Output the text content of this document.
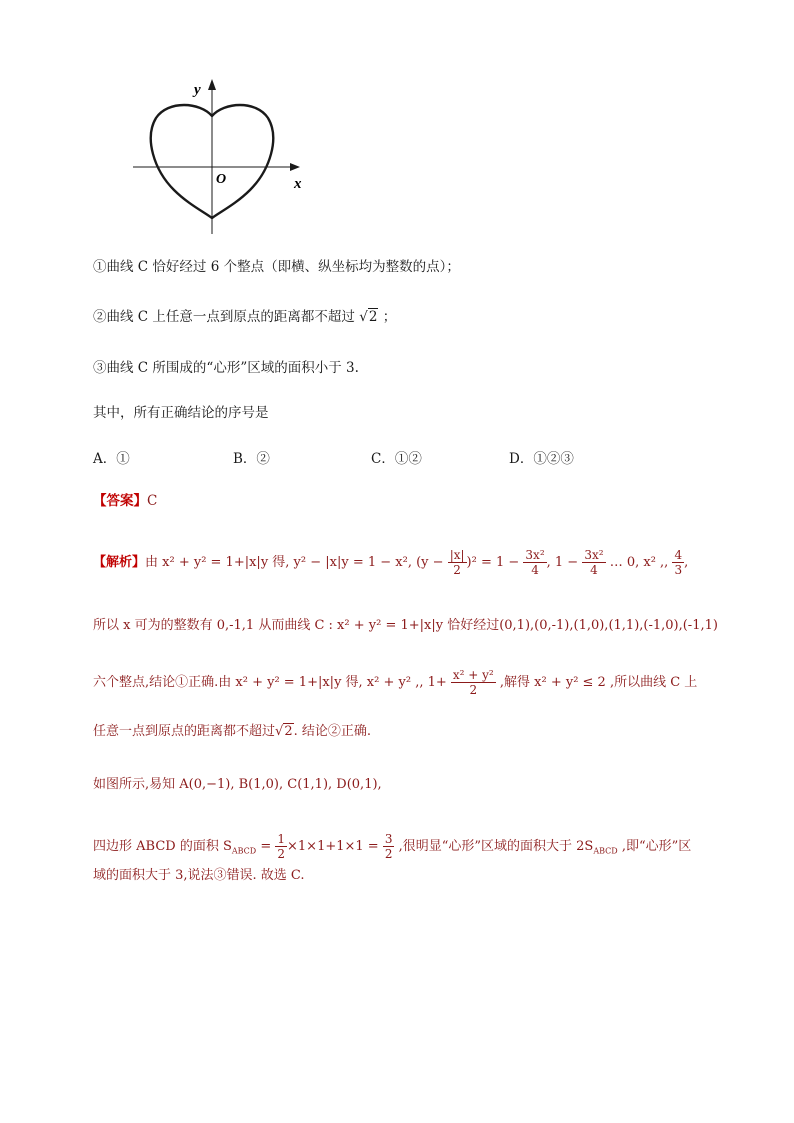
y
x
O
①曲线 C 恰好经过 6 个整点（即横、纵坐标均为整数的点）；
②曲线 C 上任意一点到原点的距离都不超过 √2 ；
③曲线 C 所围成的“心形”区域的面积小于 3.
其中，所有正确结论的序号是
A．①	B．②	C．①②	D．①②③
【答案】C
【解析】由 x² + y² = 1+|x|y 得, y² − |x|y = 1 − x², $(y - \frac{|x|}{2} )^2 = 1 - \frac{\text{3x²}}{4}$ , $1 - \frac{\text{3x²}}{4}$ … 0, x² ,, $\frac{4}{3}$ ,
所以 x 可为的整数有 0,-1,1 从而曲线 C : x² + y² = 1+|x|y 恰好经过(0,1),(0,-1),(1,0),(1,1),(-1,0),(-1,1)
六个整点,结论①正确.由 x² + y² = 1+|x|y 得, x² + y² ,, $1+ \frac{\text{x² + y²}}{2}$ ,解得 x² + y² ≤ 2 ,所以曲线 C 上
任意一点到原点的距离都不超过√2. 结论②正确.
如图所示,易知 A(0,−1), B(1,0), C(1,1), D(0,1),
四边形 ABCD 的面积 $S_{ABCD} = \frac{1}{2} \times 1\times 1+1\times 1 = \frac{3}{2}$ ,很明显“心形”区域的面积大于 $2S_{ABCD}$ ,即“心形”区
域的面积大于 3,说法③错误. 故选 C.
